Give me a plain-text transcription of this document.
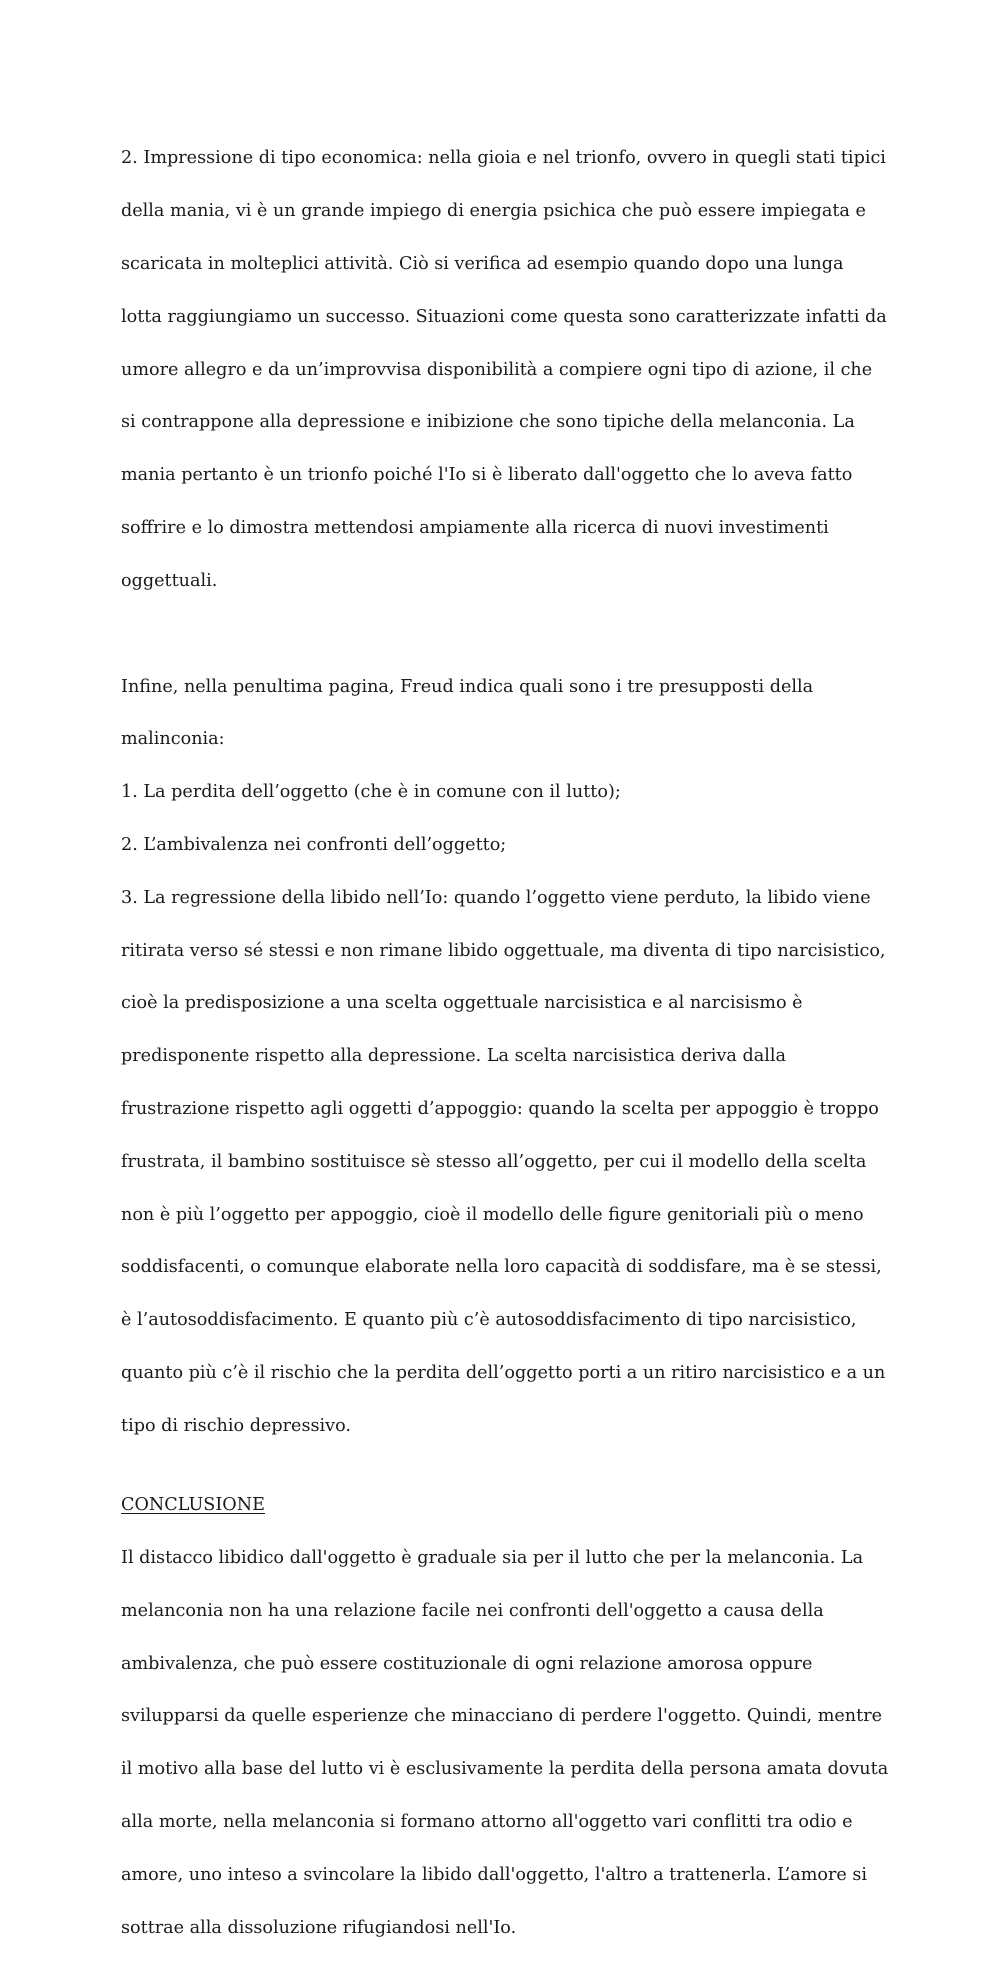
2. Impressione di tipo economica: nella gioia e nel trionfo, ovvero in quegli stati tipici

della mania, vi è un grande impiego di energia psichica che può essere impiegata e

scaricata in molteplici attività. Ciò si verifica ad esempio quando dopo una lunga

lotta raggiungiamo un successo. Situazioni come questa sono caratterizzate infatti da

umore allegro e da un’improvvisa disponibilità a compiere ogni tipo di azione, il che

si contrappone alla depressione e inibizione che sono tipiche della melanconia. La

mania pertanto è un trionfo poiché l'Io si è liberato dall'oggetto che lo aveva fatto

soffrire e lo dimostra mettendosi ampiamente alla ricerca di nuovi investimenti

oggettuali.

Infine, nella penultima pagina, Freud indica quali sono i tre presupposti della

malinconia:

1. La perdita dell’oggetto (che è in comune con il lutto);

2. L’ambivalenza nei confronti dell’oggetto;

3. La regressione della libido nell’Io: quando l’oggetto viene perduto, la libido viene

ritirata verso sé stessi e non rimane libido oggettuale, ma diventa di tipo narcisistico,

cioè la predisposizione a una scelta oggettuale narcisistica e al narcisismo è

predisponente rispetto alla depressione. La scelta narcisistica deriva dalla

frustrazione rispetto agli oggetti d’appoggio: quando la scelta per appoggio è troppo

frustrata, il bambino sostituisce sè stesso all’oggetto, per cui il modello della scelta

non è più l’oggetto per appoggio, cioè il modello delle figure genitoriali più o meno

soddisfacenti, o comunque elaborate nella loro capacità di soddisfare, ma è se stessi,

è l’autosoddisfacimento. E quanto più c’è autosoddisfacimento di tipo narcisistico,

quanto più c’è il rischio che la perdita dell’oggetto porti a un ritiro narcisistico e a un

tipo di rischio depressivo.

CONCLUSIONE

Il distacco libidico dall'oggetto è graduale sia per il lutto che per la melanconia. La

melanconia non ha una relazione facile nei confronti dell'oggetto a causa della

ambivalenza, che può essere costituzionale di ogni relazione amorosa oppure

svilupparsi da quelle esperienze che minacciano di perdere l'oggetto. Quindi, mentre

il motivo alla base del lutto vi è esclusivamente la perdita della persona amata dovuta

alla morte, nella melanconia si formano attorno all'oggetto vari conflitti tra odio e

amore, uno inteso a svincolare la libido dall'oggetto, l'altro a trattenerla. L’amore si

sottrae alla dissoluzione rifugiandosi nell'Io.
